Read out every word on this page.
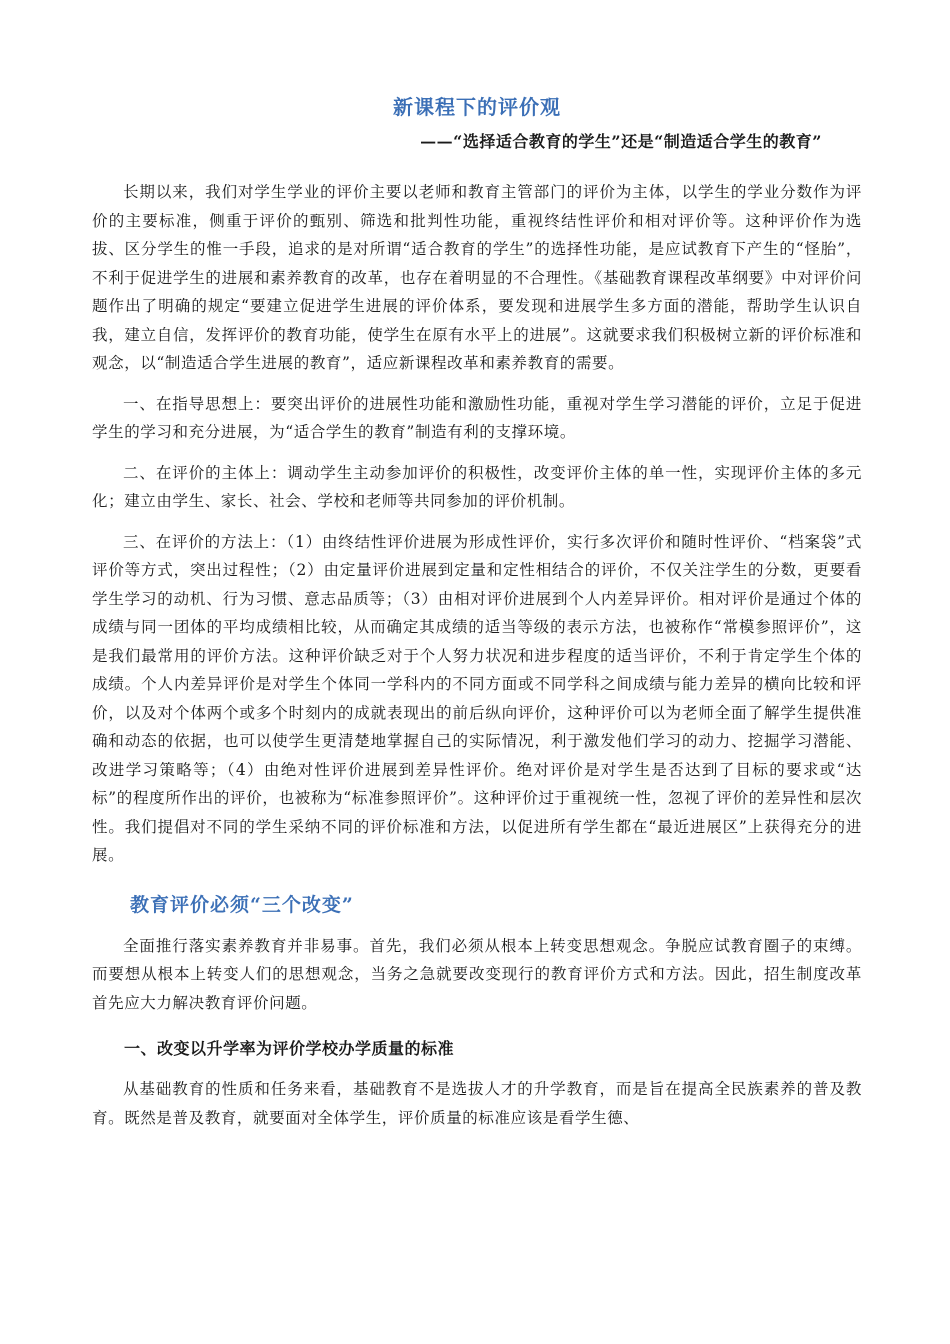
新课程下的评价观
——“选择适合教育的学生”还是“制造适合学生的教育”

长期以来，我们对学生学业的评价主要以老师和教育主管部门的评价为主体，以学生的学业分数作为评价的主要标准，侧重于评价的甄别、筛选和批判性功能，重视终结性评价和相对评价等。这种评价作为选拔、区分学生的惟一手段，追求的是对所谓“适合教育的学生”的选择性功能，是应试教育下产生的“怪胎”，不利于促进学生的进展和素养教育的改革，也存在着明显的不合理性。《基础教育课程改革纲要》中对评价问题作出了明确的规定“要建立促进学生进展的评价体系，要发现和进展学生多方面的潜能，帮助学生认识自我，建立自信，发挥评价的教育功能，使学生在原有水平上的进展”。这就要求我们积极树立新的评价标准和观念，以“制造适合学生进展的教育”，适应新课程改革和素养教育的需要。

一、在指导思想上：要突出评价的进展性功能和激励性功能，重视对学生学习潜能的评价，立足于促进学生的学习和充分进展，为“适合学生的教育”制造有利的支撑环境。

二、在评价的主体上：调动学生主动参加评价的积极性，改变评价主体的单一性，实现评价主体的多元化；建立由学生、家长、社会、学校和老师等共同参加的评价机制。

三、在评价的方法上：（1）由终结性评价进展为形成性评价，实行多次评价和随时性评价、“档案袋”式评价等方式，突出过程性；（2）由定量评价进展到定量和定性相结合的评价，不仅关注学生的分数，更要看学生学习的动机、行为习惯、意志品质等；（3）由相对评价进展到个人内差异评价。相对评价是通过个体的成绩与同一团体的平均成绩相比较，从而确定其成绩的适当等级的表示方法，也被称作“常模参照评价”，这是我们最常用的评价方法。这种评价缺乏对于个人努力状况和进步程度的适当评价，不利于肯定学生个体的成绩。个人内差异评价是对学生个体同一学科内的不同方面或不同学科之间成绩与能力差异的横向比较和评价，以及对个体两个或多个时刻内的成就表现出的前后纵向评价，这种评价可以为老师全面了解学生提供准确和动态的依据，也可以使学生更清楚地掌握自己的实际情况，利于激发他们学习的动力、挖掘学习潜能、改进学习策略等；（4）由绝对性评价进展到差异性评价。绝对评价是对学生是否达到了目标的要求或“达标”的程度所作出的评价，也被称为“标准参照评价”。这种评价过于重视统一性，忽视了评价的差异性和层次性。我们提倡对不同的学生采纳不同的评价标准和方法，以促进所有学生都在“最近进展区”上获得充分的进展。

教育评价必须“三个改变”

全面推行落实素养教育并非易事。首先，我们必须从根本上转变思想观念。争脱应试教育圈子的束缚。而要想从根本上转变人们的思想观念，当务之急就要改变现行的教育评价方式和方法。因此，招生制度改革首先应大力解决教育评价问题。

一、改变以升学率为评价学校办学质量的标准

从基础教育的性质和任务来看，基础教育不是选拔人才的升学教育，而是旨在提高全民族素养的普及教育。既然是普及教育，就要面对全体学生，评价质量的标准应该是看学生德、
